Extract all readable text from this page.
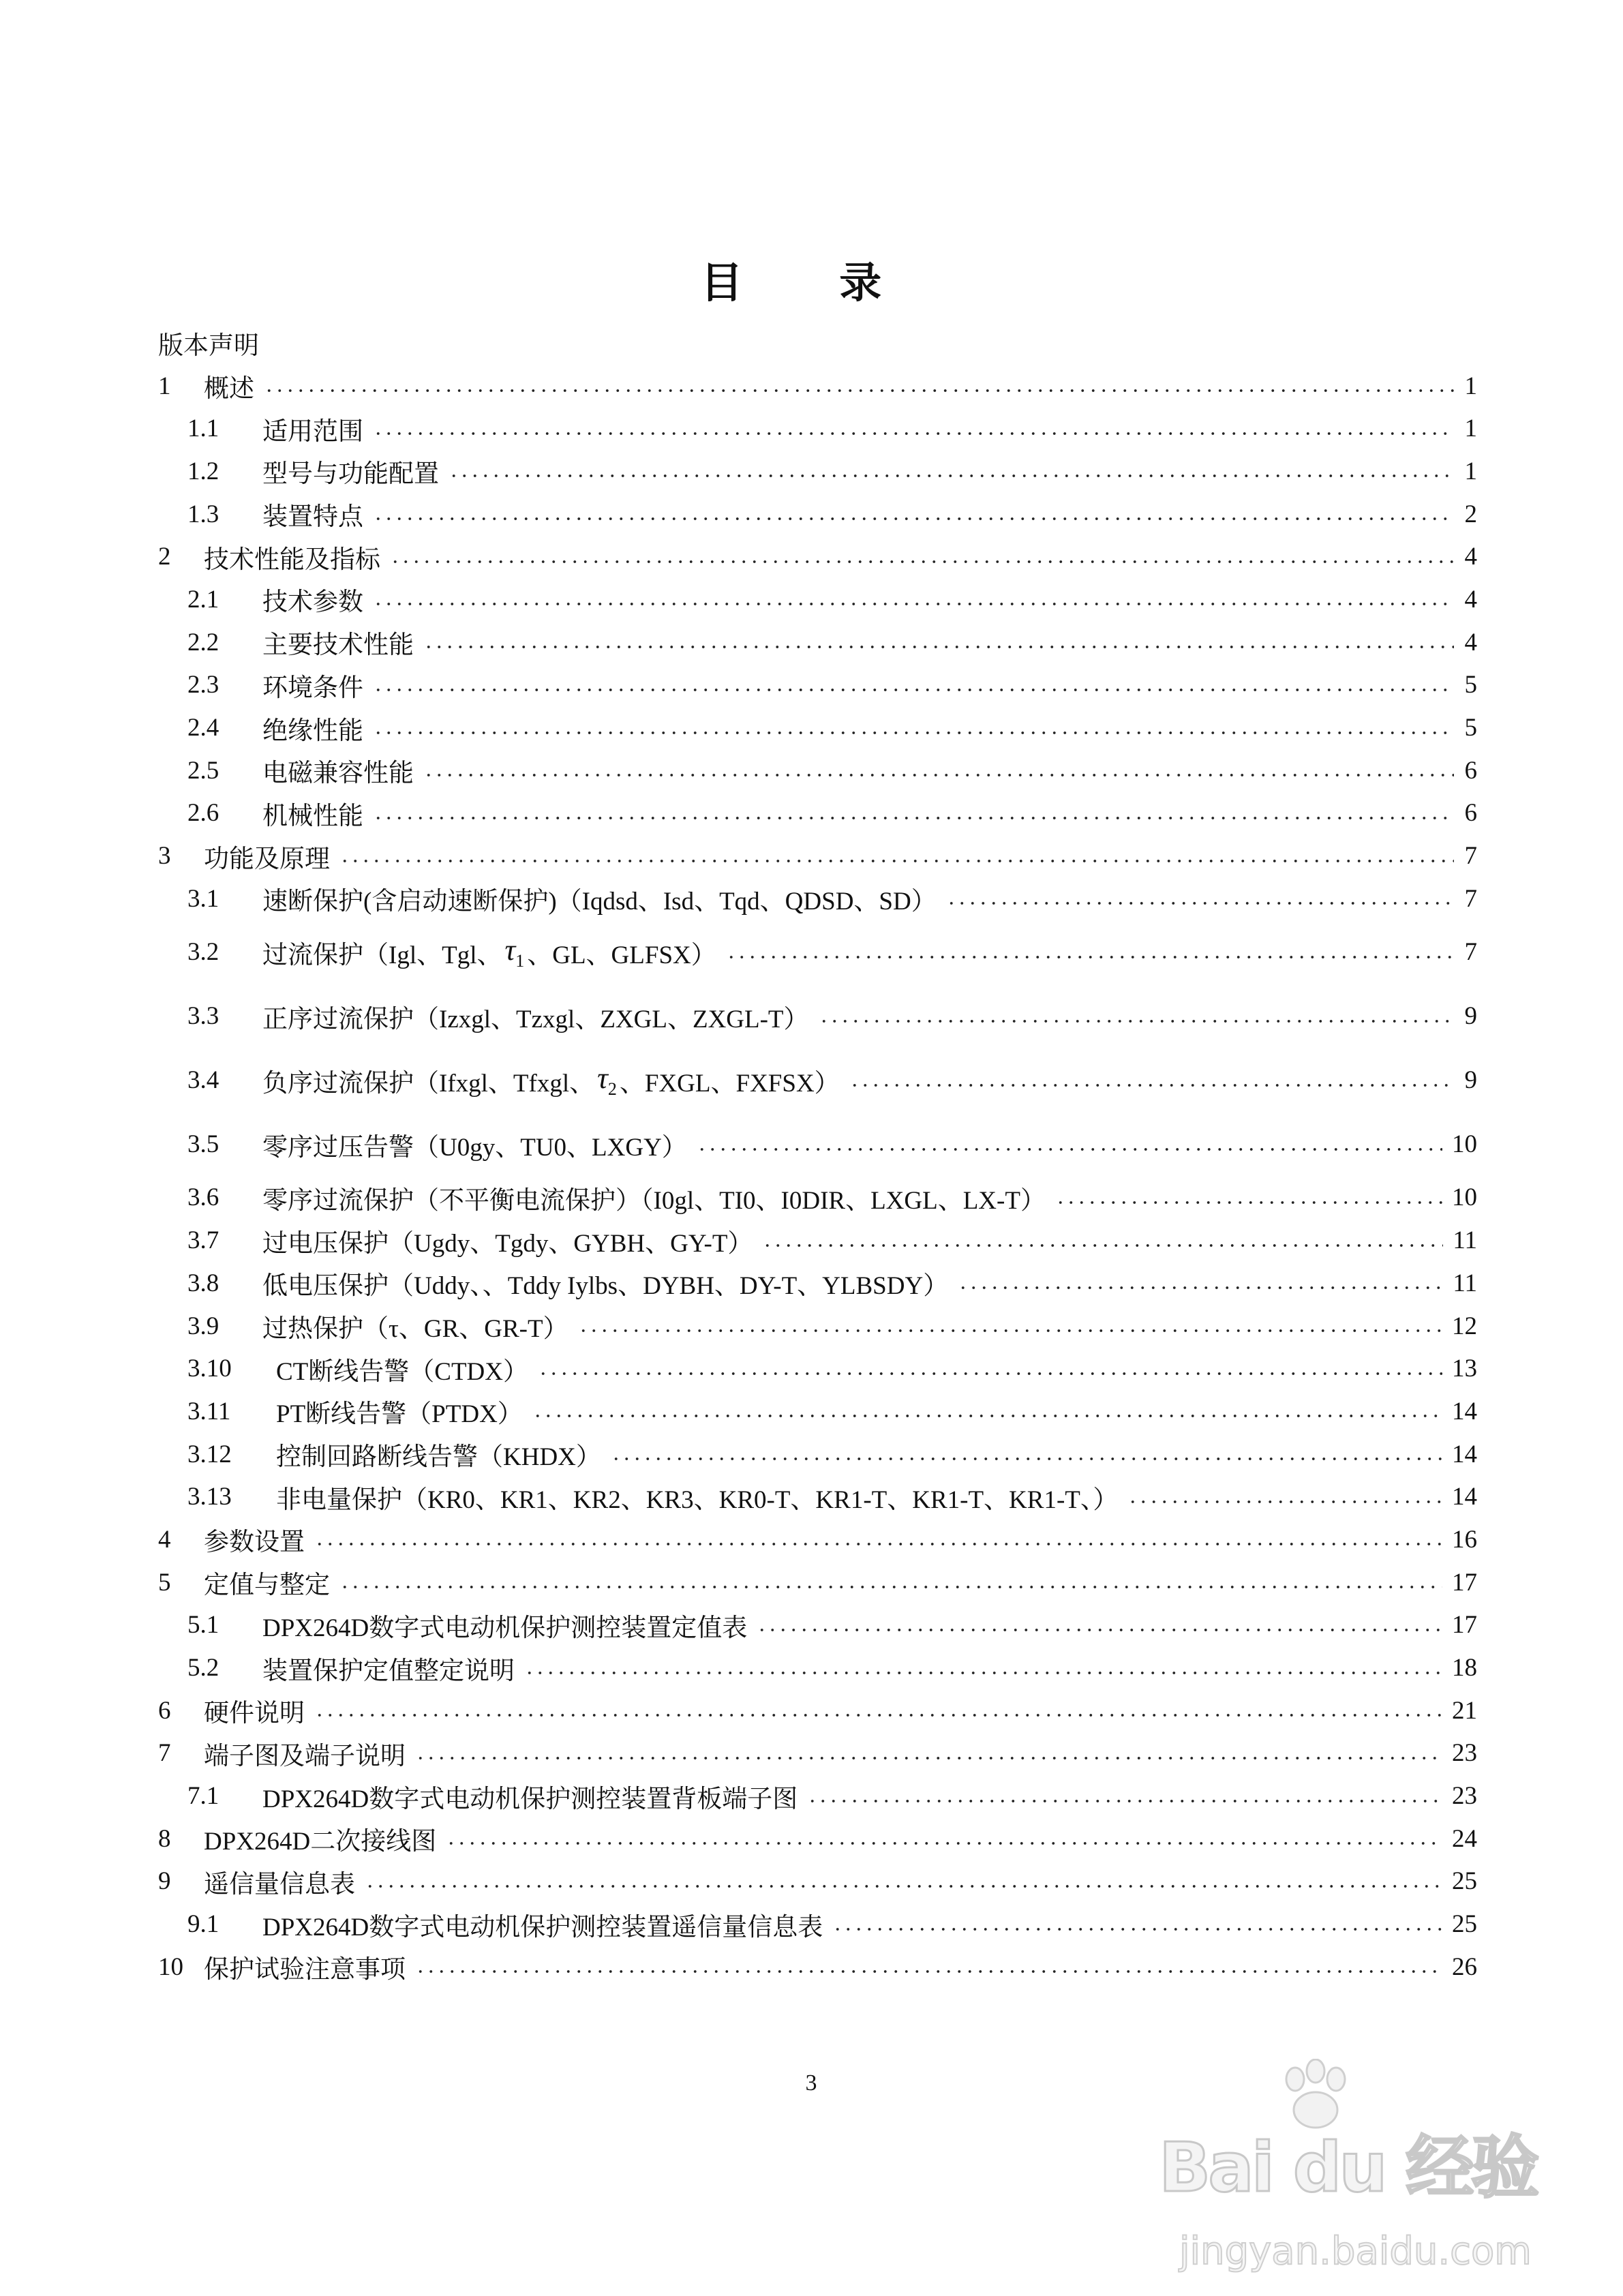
目 录
版本声明
1	概述	1
1.1	适用范围	1
1.2	型号与功能配置	1
1.3	装置特点	2
2	技术性能及指标	4
2.1	技术参数	4
2.2	主要技术性能	4
2.3	环境条件	5
2.4	绝缘性能	5
2.5	电磁兼容性能	6
2.6	机械性能	6
3	功能及原理	7
3.1	速断保护(含启动速断保护)（Iqdsd、Isd、Tqd、QDSD、SD）	7
3.2	过流保护（Igl、Tgl、 $\tau_1$ 、GL、GLFSX）	7
3.3	正序过流保护（Izxgl、Tzxgl、ZXGL、ZXGL-T）	9
3.4	负序过流保护（Ifxgl、Tfxgl、 $\tau_2$ 、FXGL、FXFSX）	9
3.5	零序过压告警（U0gy、TU0、LXGY）	10
3.6	零序过流保护（不平衡电流保护）（I0gl、TI0、I0DIR、LXGL、LX-T）	10
3.7	过电压保护（Ugdy、Tgdy、GYBH、GY-T）	11
3.8	低电压保护（Uddy、、Tddy Iylbs、DYBH、DY-T、YLBSDY）	11
3.9	过热保护（τ、GR、GR-T）	12
3.10	CT断线告警（CTDX）	13
3.11	PT断线告警（PTDX）	14
3.12	控制回路断线告警（KHDX）	14
3.13	非电量保护（KR0、KR1、KR2、KR3、KR0-T、KR1-T、KR1-T、KR1-T、）	14
4	参数设置	16
5	定值与整定	17
5.1	DPX264D数字式电动机保护测控装置定值表	17
5.2	装置保护定值整定说明	18
6	硬件说明	21
7	端子图及端子说明	23
7.1	DPX264D数字式电动机保护测控装置背板端子图	23
8	DPX264D二次接线图	24
9	遥信量信息表	25
9.1	DPX264D数字式电动机保护测控装置遥信量信息表	25
10 保护试验注意事项	26
3
Bai du 经验
jingyan.baidu.com
